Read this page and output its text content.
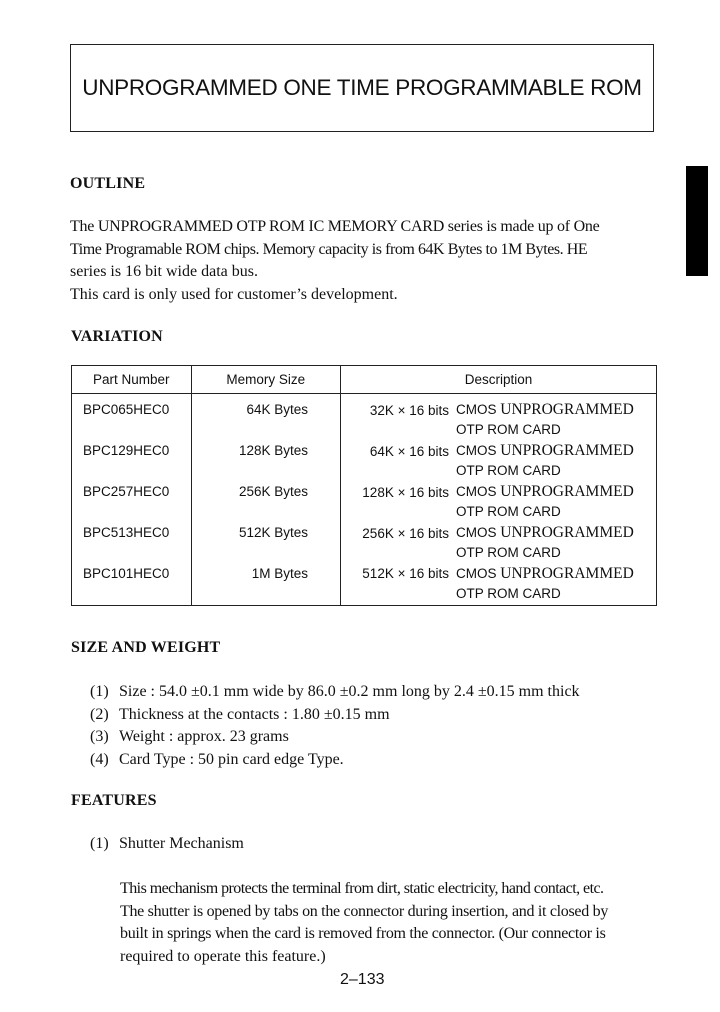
UNPROGRAMMED ONE TIME PROGRAMMABLE ROM
OUTLINE

The UNPROGRAMMED OTP ROM IC MEMORY CARD series is made up of One

Time Programable ROM chips. Memory capacity is from 64K Bytes to 1M Bytes. HE

series is 16 bit wide data bus.

This card is only used for customer’s development.

VARIATION
Part Number	Memory Size	Description

BPC065HEC0	64K Bytes	32K × 16 bits CMOS UNPROGRAMMED
OTP ROM CARD

BPC129HEC0	128K Bytes	64K × 16 bits CMOS UNPROGRAMMED
OTP ROM CARD

BPC257HEC0	256K Bytes	128K × 16 bits CMOS UNPROGRAMMED
OTP ROM CARD

BPC513HEC0	512K Bytes	256K × 16 bits CMOS UNPROGRAMMED
OTP ROM CARD

BPC101HEC0	1M Bytes	512K × 16 bits CMOS UNPROGRAMMED
OTP ROM CARD
SIZE AND WEIGHT
(1) Size : 54.0 ±0.1 mm wide by 86.0 ±0.2 mm long by 2.4 ±0.15 mm thick
(2) Thickness at the contacts : 1.80 ±0.15 mm
(3) Weight : approx. 23 grams
(4) Card Type : 50 pin card edge Type.
FEATURES
(1) Shutter Mechanism

This mechanism protects the terminal from dirt, static electricity, hand contact, etc.

The shutter is opened by tabs on the connector during insertion, and it closed by

built in springs when the card is removed from the connector. (Our connector is

required to operate this feature.)

2–133
